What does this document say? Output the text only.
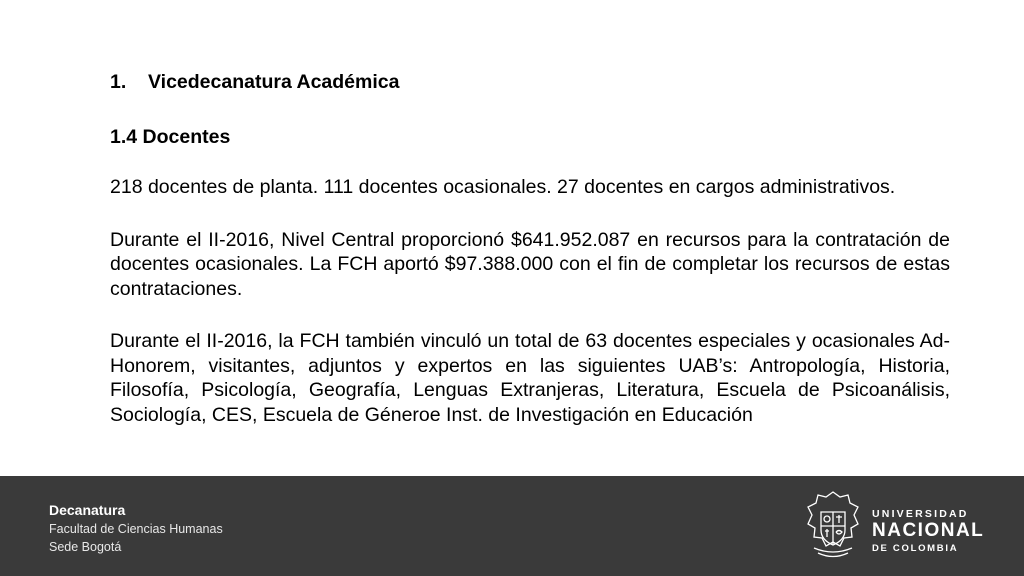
1. Vicedecanatura Académica

1.4 Docentes

218 docentes de planta. 111 docentes ocasionales. 27 docentes en cargos administrativos.

Durante el II-2016, Nivel Central proporcionó $641.952.087 en recursos para la contratación de docentes ocasionales. La FCH aportó $97.388.000 con el fin de completar los recursos de estas contrataciones.

Durante el II-2016, la FCH también vinculó un total de 63 docentes especiales y ocasionales Ad- Honorem, visitantes, adjuntos y expertos en las siguientes UAB’s: Antropología, Historia, Filosofía, Psicología, Geografía, Lenguas Extranjeras, Literatura, Escuela de Psicoanálisis, Sociología, CES, Escuela de Géneroe Inst. de Investigación en Educación

Decanatura
Facultad de Ciencias Humanas
Sede Bogotá
UNIVERSIDAD
NACIONAL
DE COLOMBIA
